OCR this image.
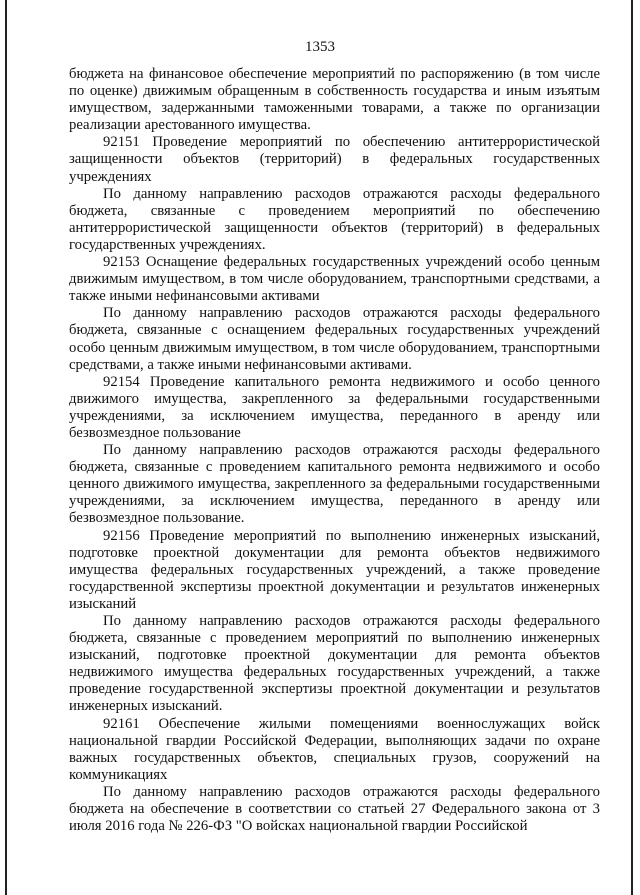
1353

бюджета на финансовое обеспечение мероприятий по распоряжению (в том числе по оценке) движимым обращенным в собственность государства и иным изъятым имуществом, задержанными таможенными товарами, а также по организации реализации арестованного имущества.

92151 Проведение мероприятий по обеспечению антитеррористической защищенности объектов (территорий) в федеральных государственных учреждениях

По данному направлению расходов отражаются расходы федерального бюджета, связанные с проведением мероприятий по обеспечению антитеррористической защищенности объектов (территорий) в федеральных государственных учреждениях.

92153 Оснащение федеральных государственных учреждений особо ценным движимым имуществом, в том числе оборудованием, транспортными средствами, а также иными нефинансовыми активами

По данному направлению расходов отражаются расходы федерального бюджета, связанные с оснащением федеральных государственных учреждений особо ценным движимым имуществом, в том числе оборудованием, транспортными средствами, а также иными нефинансовыми активами.

92154 Проведение капитального ремонта недвижимого и особо ценного движимого имущества, закрепленного за федеральными государственными учреждениями, за исключением имущества, переданного в аренду или безвозмездное пользование

По данному направлению расходов отражаются расходы федерального бюджета, связанные с проведением капитального ремонта недвижимого и особо ценного движимого имущества, закрепленного за федеральными государственными учреждениями, за исключением имущества, переданного в аренду или безвозмездное пользование.

92156 Проведение мероприятий по выполнению инженерных изысканий, подготовке проектной документации для ремонта объектов недвижимого имущества федеральных государственных учреждений, а также проведение государственной экспертизы проектной документации и результатов инженерных изысканий

По данному направлению расходов отражаются расходы федерального бюджета, связанные с проведением мероприятий по выполнению инженерных изысканий, подготовке проектной документации для ремонта объектов недвижимого имущества федеральных государственных учреждений, а также проведение государственной экспертизы проектной документации и результатов инженерных изысканий.

92161 Обеспечение жилыми помещениями военнослужащих войск национальной гвардии Российской Федерации, выполняющих задачи по охране важных государственных объектов, специальных грузов, сооружений на коммуникациях

По данному направлению расходов отражаются расходы федерального бюджета на обеспечение в соответствии со статьей 27 Федерального закона от 3 июля 2016 года № 226-ФЗ "О войсках национальной гвардии Российской
